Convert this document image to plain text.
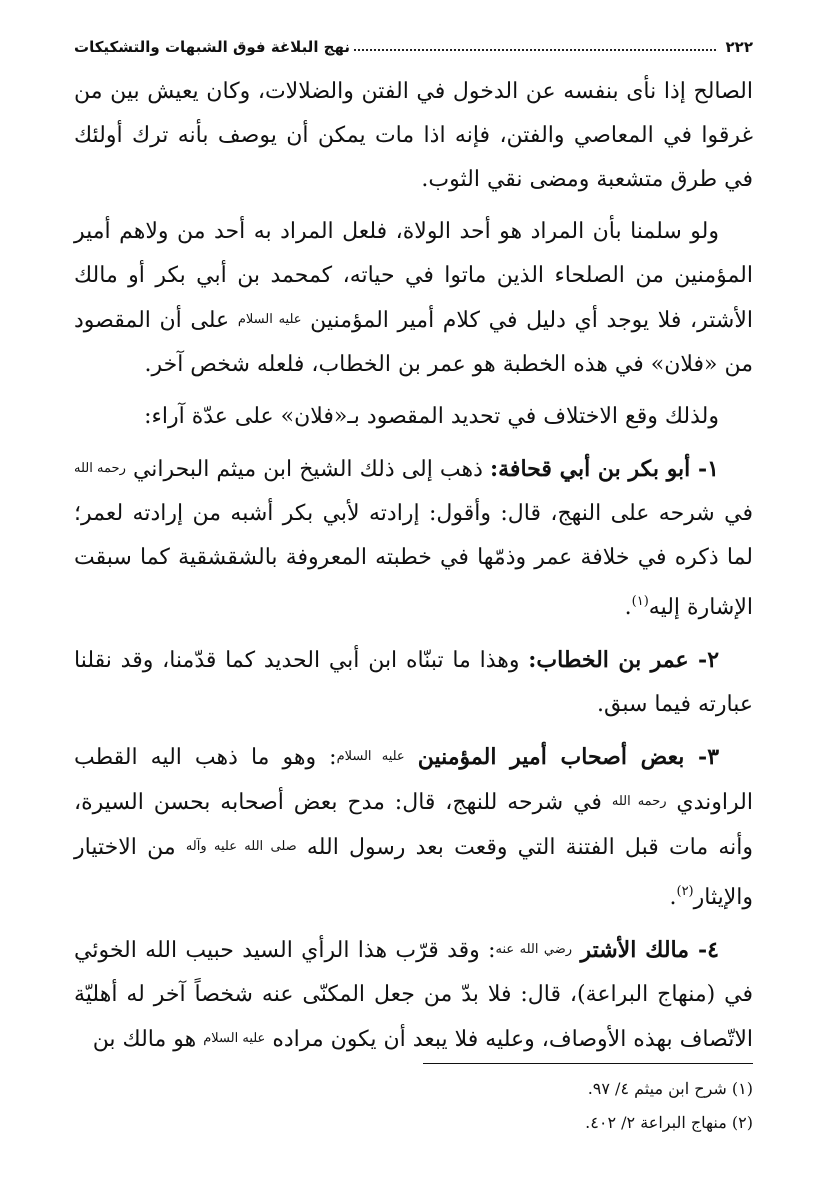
٢٢٢
نهج البلاغة فوق الشبهات والتشكيكات

الصالح إذا نأى بنفسه عن الدخول في الفتن والضلالات، وكان يعيش بين من غرقوا في المعاصي والفتن، فإنه اذا مات يمكن أن يوصف بأنه ترك أولئك في طرق متشعبة ومضى نقي الثوب.

ولو سلمنا بأن المراد هو أحد الولاة، فلعل المراد به أحد من ولاهم أمير المؤمنين من الصلحاء الذين ماتوا في حياته، كمحمد بن أبي بكر أو مالك الأشتر، فلا يوجد أي دليل في كلام أمير المؤمنين عليه السلام على أن المقصود من «فلان» في هذه الخطبة هو عمر بن الخطاب، فلعله شخص آخر.

ولذلك وقع الاختلاف في تحديد المقصود بـ«فلان» على عدّة آراء:

١- أبو بكر بن أبي قحافة: ذهب إلى ذلك الشيخ ابن ميثم البحراني رحمه الله في شرحه على النهج، قال: وأقول: إرادته لأبي بكر أشبه من إرادته لعمر؛ لما ذكره في خلافة عمر وذمّها في خطبته المعروفة بالشقشقية كما سبقت الإشارة إليه$^{(١)}$.

٢- عمر بن الخطاب: وهذا ما تبنّاه ابن أبي الحديد كما قدّمنا، وقد نقلنا عبارته فيما سبق.

٣- بعض أصحاب أمير المؤمنين عليه السلام: وهو ما ذهب اليه القطب الراوندي رحمه الله في شرحه للنهج، قال: مدح بعض أصحابه بحسن السيرة، وأنه مات قبل الفتنة التي وقعت بعد رسول الله صلى الله عليه وآله من الاختيار والإيثار$^{(٢)}$.

٤- مالك الأشتر رضي الله عنه: وقد قرّب هذا الرأي السيد حبيب الله الخوئي في (منهاج البراعة)، قال: فلا بدّ من جعل المكنّى عنه شخصاً آخر له أهليّة الاتّصاف بهذه الأوصاف، وعليه فلا يبعد أن يكون مراده عليه السلام هو مالك بن

(١) شرح ابن ميثم ٤/ ٩٧.
(٢) منهاج البراعة ٢/ ٤٠٢.
